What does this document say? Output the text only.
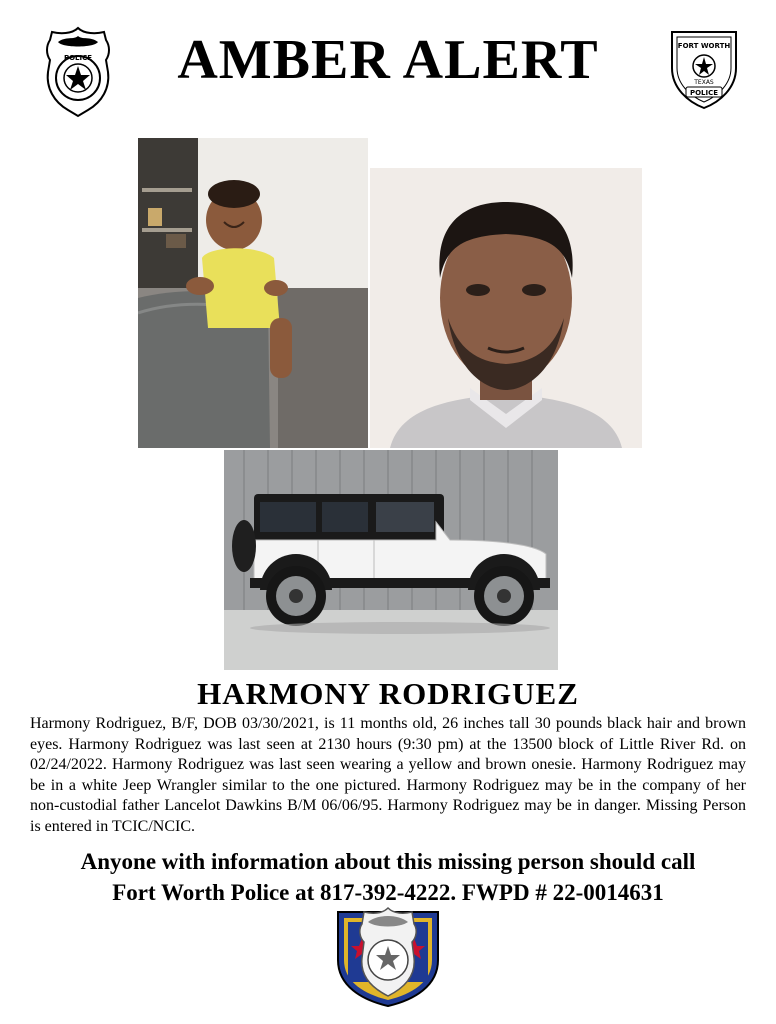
POLICE	AMBER ALERT	FORT WORTH
TEXAS
POLICE
HARMONY RODRIGUEZ
Harmony Rodriguez, B/F, DOB 03/30/2021, is 11 months old, 26 inches tall 30 pounds black hair and brown eyes. Harmony Rodriguez was last seen at 2130 hours (9:30 pm) at the 13500 block of Little River Rd. on 02/24/2022. Harmony Rodriguez was last seen wearing a yellow and brown onesie. Harmony Rodriguez may be in a white Jeep Wrangler similar to the one pictured. Harmony Rodriguez may be in the company of her non-custodial father Lancelot Dawkins B/M 06/06/95. Harmony Rodriguez may be in danger. Missing Person is entered in TCIC/NCIC.
Anyone with information about this missing person should call
Fort Worth Police at 817-392-4222. FWPD # 22-0014631
